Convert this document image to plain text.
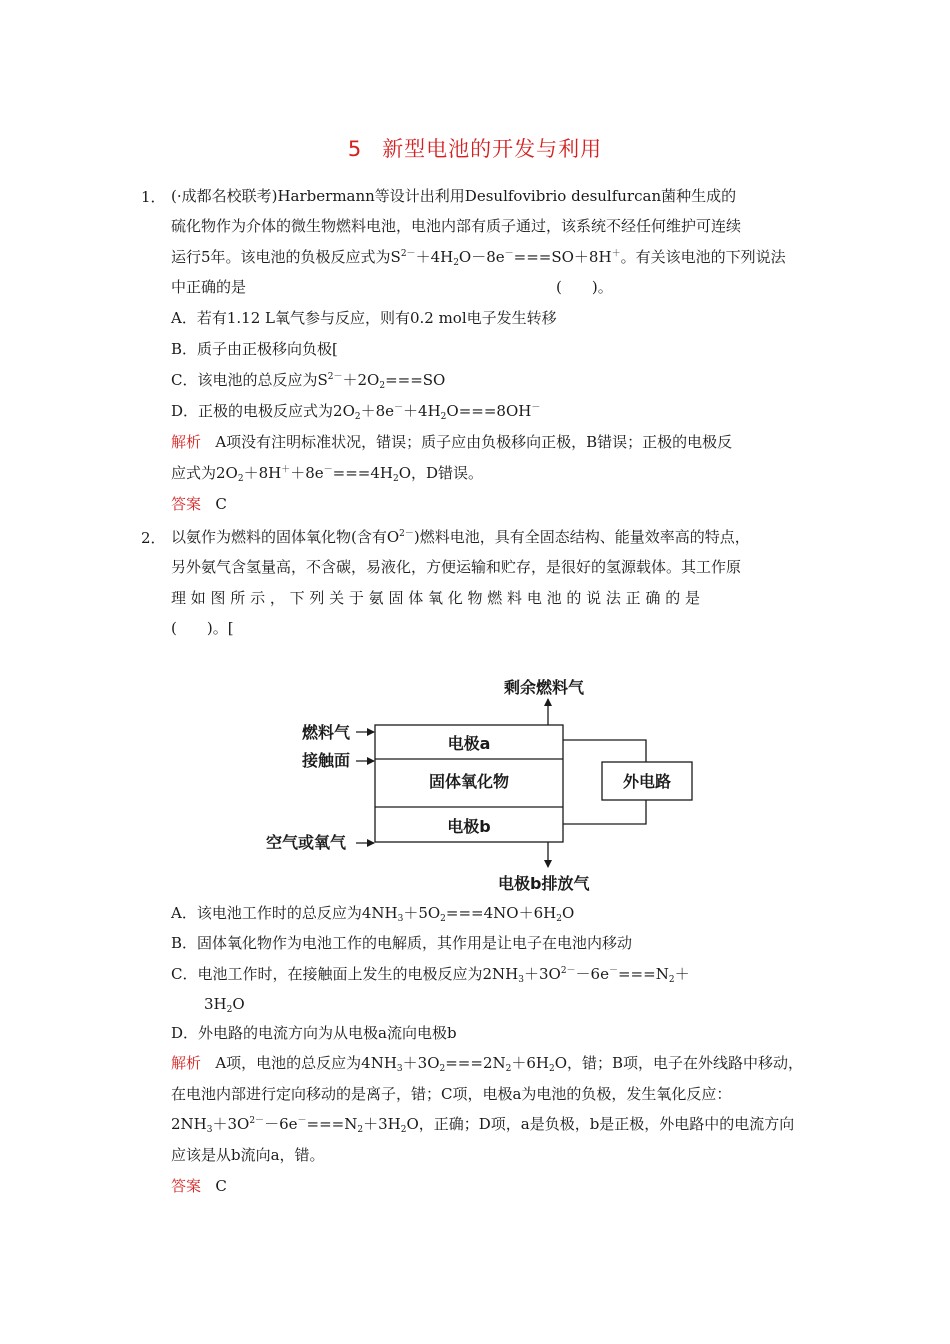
5 新型电池的开发与利用
1． (·成都名校联考)Harbermann等设计出利用Desulfovibrio desulfurcan菌种生成的
硫化物作为介体的微生物燃料电池，电池内部有质子通过，该系统不经任何维护可连续
运行5年。该电池的负极反应式为$S^{2-}+4H_2O-8e^-===SO+8H^+$。有关该电池的下列说法
中正确的是	(　　)。
A．若有1.12 L氧气参与反应，则有0.2 mol电子发生转移
B．质子由正极移向负极[
C．该电池的总反应为$S^{2-}+2O_2===SO$
D．正极的电极反应式为$2O_2+8e^-+4H_2O===8OH^-$
解析 A项没有注明标准状况，错误；质子应由负极移向正极，B错误；正极的电极反
应式为$2O_2+8H^++8e^-===4H_2O$，D错误。
答案 C
2． 以氨作为燃料的固体氧化物(含有$O^{2-}$)燃料电池，具有全固态结构、能量效率高的特点，
另外氨气含氢量高，不含碳，易液化，方便运输和贮存，是很好的氢源载体。其工作原
理 如 图 所 示 ， 下 列 关 于 氨 固 体 氧 化 物 燃 料 电 池 的 说 法 正 确 的 是
(　　)。[
剩余燃料气
燃料气
接触面
空气或氧气
电极a
固体氧化物
电极b
外电路
电极b排放气
A．该电池工作时的总反应为$4NH_3+5O_2===4NO+6H_2O$
B．固体氧化物作为电池工作的电解质，其作用是让电子在电池内移动
C．电池工作时，在接触面上发生的电极反应为$2NH_3+3O^{2-}-6e^-===N_2+$
$3H_2O$
D．外电路的电流方向为从电极a流向电极b
解析 A项，电池的总反应为$4NH_3+3O_2===2N_2+6H_2O$，错；B项，电子在外线路中移动，
在电池内部进行定向移动的是离子，错；C项，电极a为电池的负极，发生氧化反应：
$2NH_3+3O^{2-}-6e^-===N_2+3H_2O$，正确；D项，a是负极，b是正极，外电路中的电流方向
应该是从b流向a，错。
答案 C
